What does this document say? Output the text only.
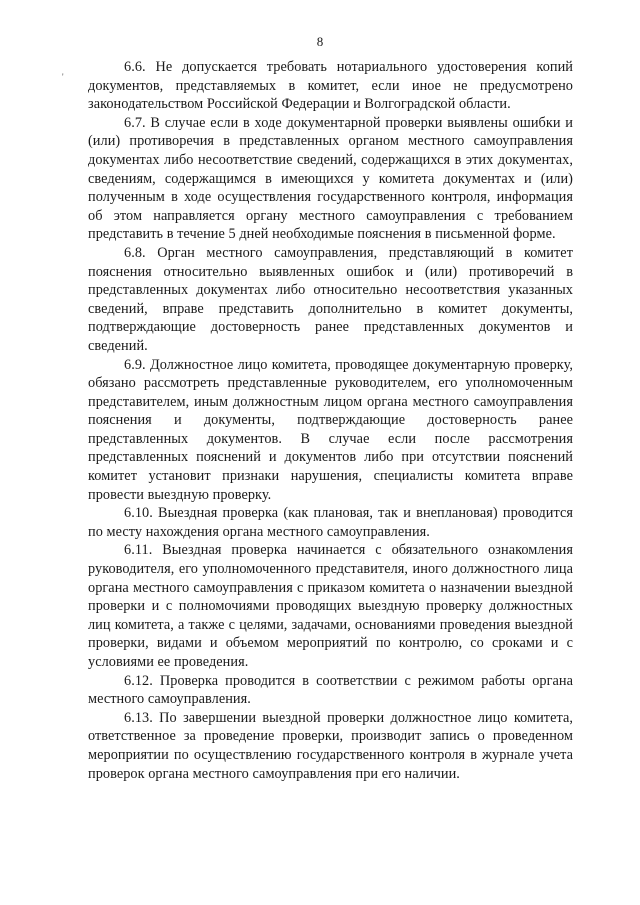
8
'

6.6. Не допускается требовать нотариального удостоверения копий документов, представляемых в комитет, если иное не предусмотрено законодательством Российской Федерации и Волгоградской области.

6.7. В случае если в ходе документарной проверки выявлены ошибки и (или) противоречия в представленных органом местного самоуправления документах либо несоответствие сведений, содержащихся в этих документах, сведениям, содержащимся в имеющихся у комитета документах и (или) полученным в ходе осуществления государственного контроля, информация об этом направляется органу местного самоуправления с требованием представить в течение 5 дней необходимые пояснения в письменной форме.

6.8. Орган местного самоуправления, представляющий в комитет пояснения относительно выявленных ошибок и (или) противоречий в представленных документах либо относительно несоответствия указанных сведений, вправе представить дополнительно в комитет документы, подтверждающие достоверность ранее представленных документов и сведений.

6.9. Должностное лицо комитета, проводящее документарную проверку, обязано рассмотреть представленные руководителем, его уполномоченным представителем, иным должностным лицом органа местного самоуправления пояснения и документы, подтверждающие достоверность ранее представленных документов. В случае если после рассмотрения представленных пояснений и документов либо при отсутствии пояснений комитет установит признаки нарушения, специалисты комитета вправе провести выездную проверку.

6.10. Выездная проверка (как плановая, так и внеплановая) проводится по месту нахождения органа местного самоуправления.

6.11. Выездная проверка начинается с обязательного ознакомления руководителя, его уполномоченного представителя, иного должностного лица органа местного самоуправления с приказом комитета о назначении выездной проверки и с полномочиями проводящих выездную проверку должностных лиц комитета, а также с целями, задачами, основаниями проведения выездной проверки, видами и объемом мероприятий по контролю, со сроками и с условиями ее проведения.

6.12. Проверка проводится в соответствии с режимом работы органа местного самоуправления.

6.13. По завершении выездной проверки должностное лицо комитета, ответственное за проведение проверки, производит запись о проведенном мероприятии по осуществлению государственного контроля в журнале учета проверок органа местного самоуправления при его наличии.
